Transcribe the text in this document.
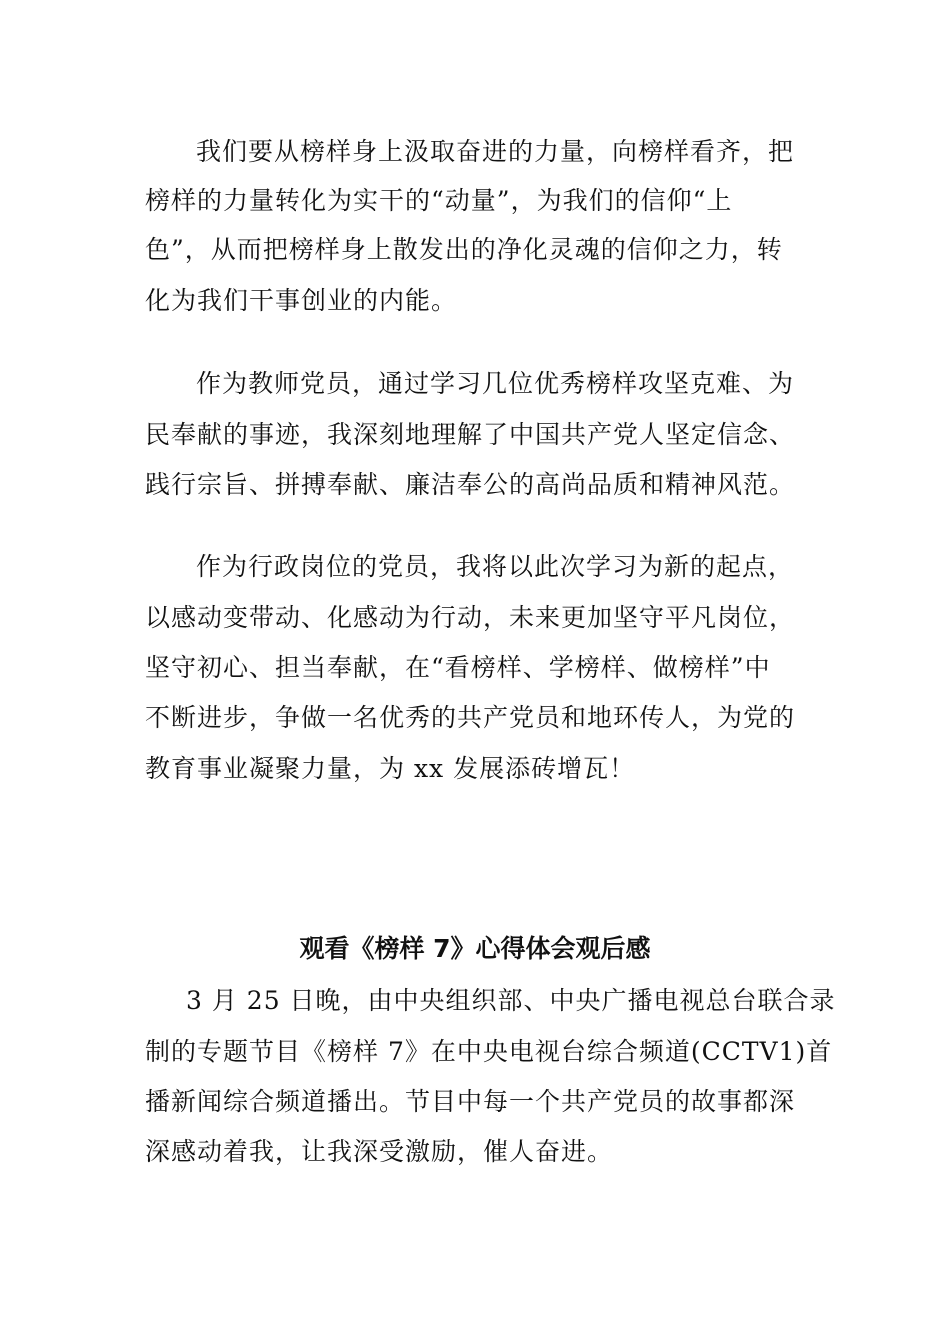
我们要从榜样身上汲取奋进的力量，向榜样看齐，把
榜样的力量转化为实干的“动量”，为我们的信仰“上
色”，从而把榜样身上散发出的净化灵魂的信仰之力，转
化为我们干事创业的内能。
作为教师党员，通过学习几位优秀榜样攻坚克难、为
民奉献的事迹，我深刻地理解了中国共产党人坚定信念、
践行宗旨、拼搏奉献、廉洁奉公的高尚品质和精神风范。
作为行政岗位的党员，我将以此次学习为新的起点，
以感动变带动、化感动为行动，未来更加坚守平凡岗位，
坚守初心、担当奉献，在“看榜样、学榜样、做榜样”中
不断进步，争做一名优秀的共产党员和地环传人，为党的
教育事业凝聚力量，为 xx 发展添砖增瓦！
观看《榜样 7》心得体会观后感
3 月 25 日晚，由中央组织部、中央广播电视总台联合录
制的专题节目《榜样 7》在中央电视台综合频道(CCTV1)首
播新闻综合频道播出。节目中每一个共产党员的故事都深
深感动着我，让我深受激励，催人奋进。
